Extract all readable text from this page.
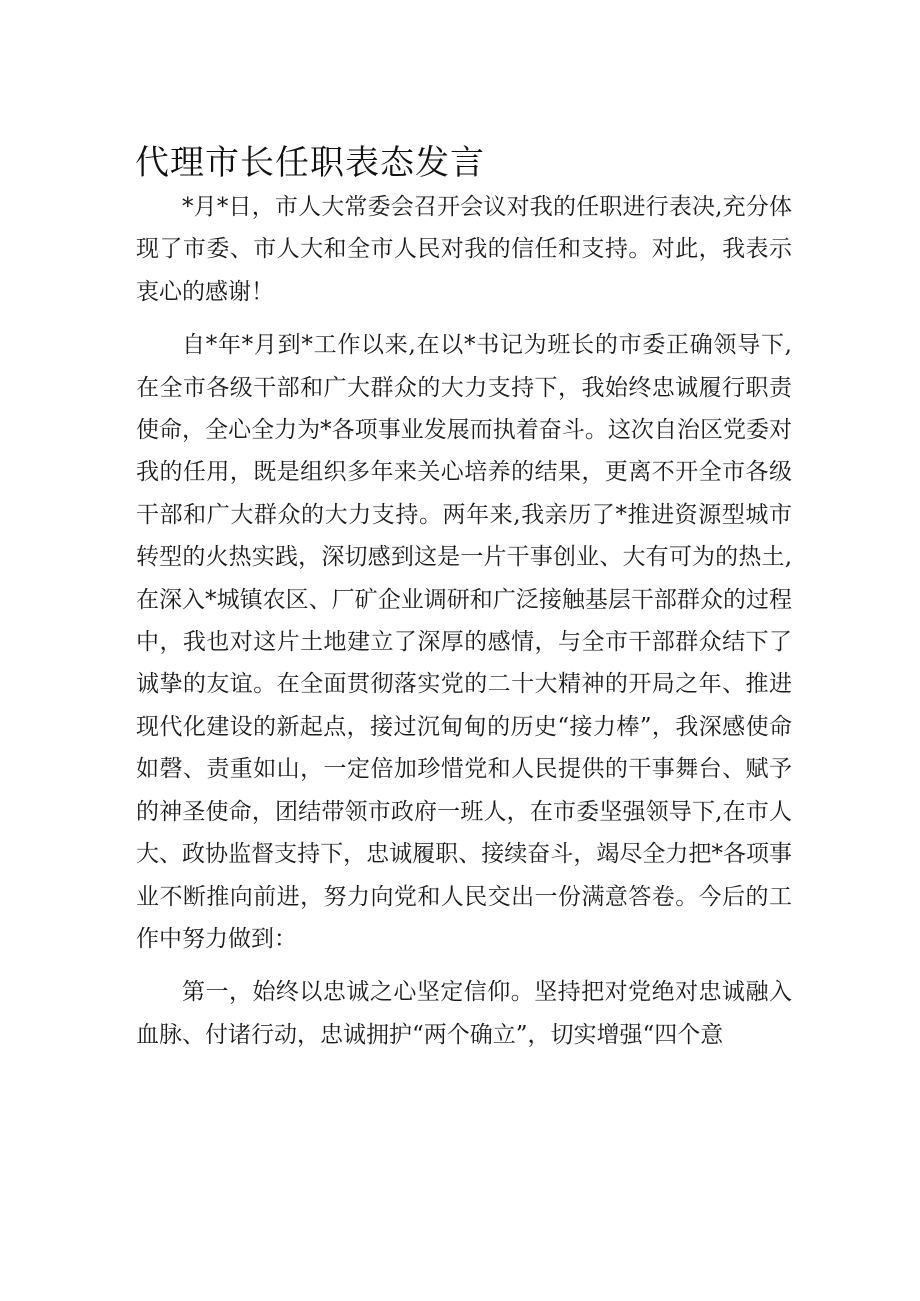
代理市长任职表态发言

*月*日，市人大常委会召开会议对我的任职进行表决,充分体现了市委、市人大和全市人民对我的信任和支持。对此，我表示衷心的感谢！

自*年*月到*工作以来,在以*书记为班长的市委正确领导下,在全市各级干部和广大群众的大力支持下，我始终忠诚履行职责使命，全心全力为*各项事业发展而执着奋斗。这次自治区党委对我的任用，既是组织多年来关心培养的结果，更离不开全市各级干部和广大群众的大力支持。两年来,我亲历了*推进资源型城市转型的火热实践，深切感到这是一片干事创业、大有可为的热土,在深入*城镇农区、厂矿企业调研和广泛接触基层干部群众的过程中，我也对这片土地建立了深厚的感情，与全市干部群众结下了诚挚的友谊。在全面贯彻落实党的二十大精神的开局之年、推进现代化建设的新起点，接过沉甸甸的历史“接力棒”，我深感使命如磬、责重如山，一定倍加珍惜党和人民提供的干事舞台、赋予的神圣使命，团结带领市政府一班人，在市委坚强领导下,在市人大、政协监督支持下，忠诚履职、接续奋斗，竭尽全力把*各项事业不断推向前进，努力向党和人民交出一份满意答卷。今后的工作中努力做到：

第一，始终以忠诚之心坚定信仰。坚持把对党绝对忠诚融入血脉、付诸行动，忠诚拥护“两个确立”，切实增强“四个意
